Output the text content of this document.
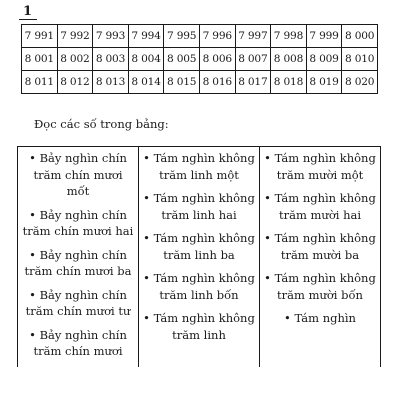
1
7 991	7 992	7 993	7 994	7 995	7 996	7 997	7 998	7 999	8 000
8 001	8 002	8 003	8 004	8 005	8 006	8 007	8 008	8 009	8 010
8 011	8 012	8 013	8 014	8 015	8 016	8 017	8 018	8 019	8 020

Đọc các số trong bảng:

• Bảy nghìn chín trăm chín mươi mốt
• Bảy nghìn chín trăm chín mươi hai
• Bảy nghìn chín trăm chín mươi ba
• Bảy nghìn chín trăm chín mươi tư
• Bảy nghìn chín trăm chín mươi

• Tám nghìn không trăm linh một
• Tám nghìn không trăm linh hai
• Tám nghìn không trăm linh ba
• Tám nghìn không trăm linh bốn
• Tám nghìn không trăm linh

• Tám nghìn không trăm mười một
• Tám nghìn không trăm mười hai
• Tám nghìn không trăm mười ba
• Tám nghìn không trăm mười bốn
• Tám nghìn
